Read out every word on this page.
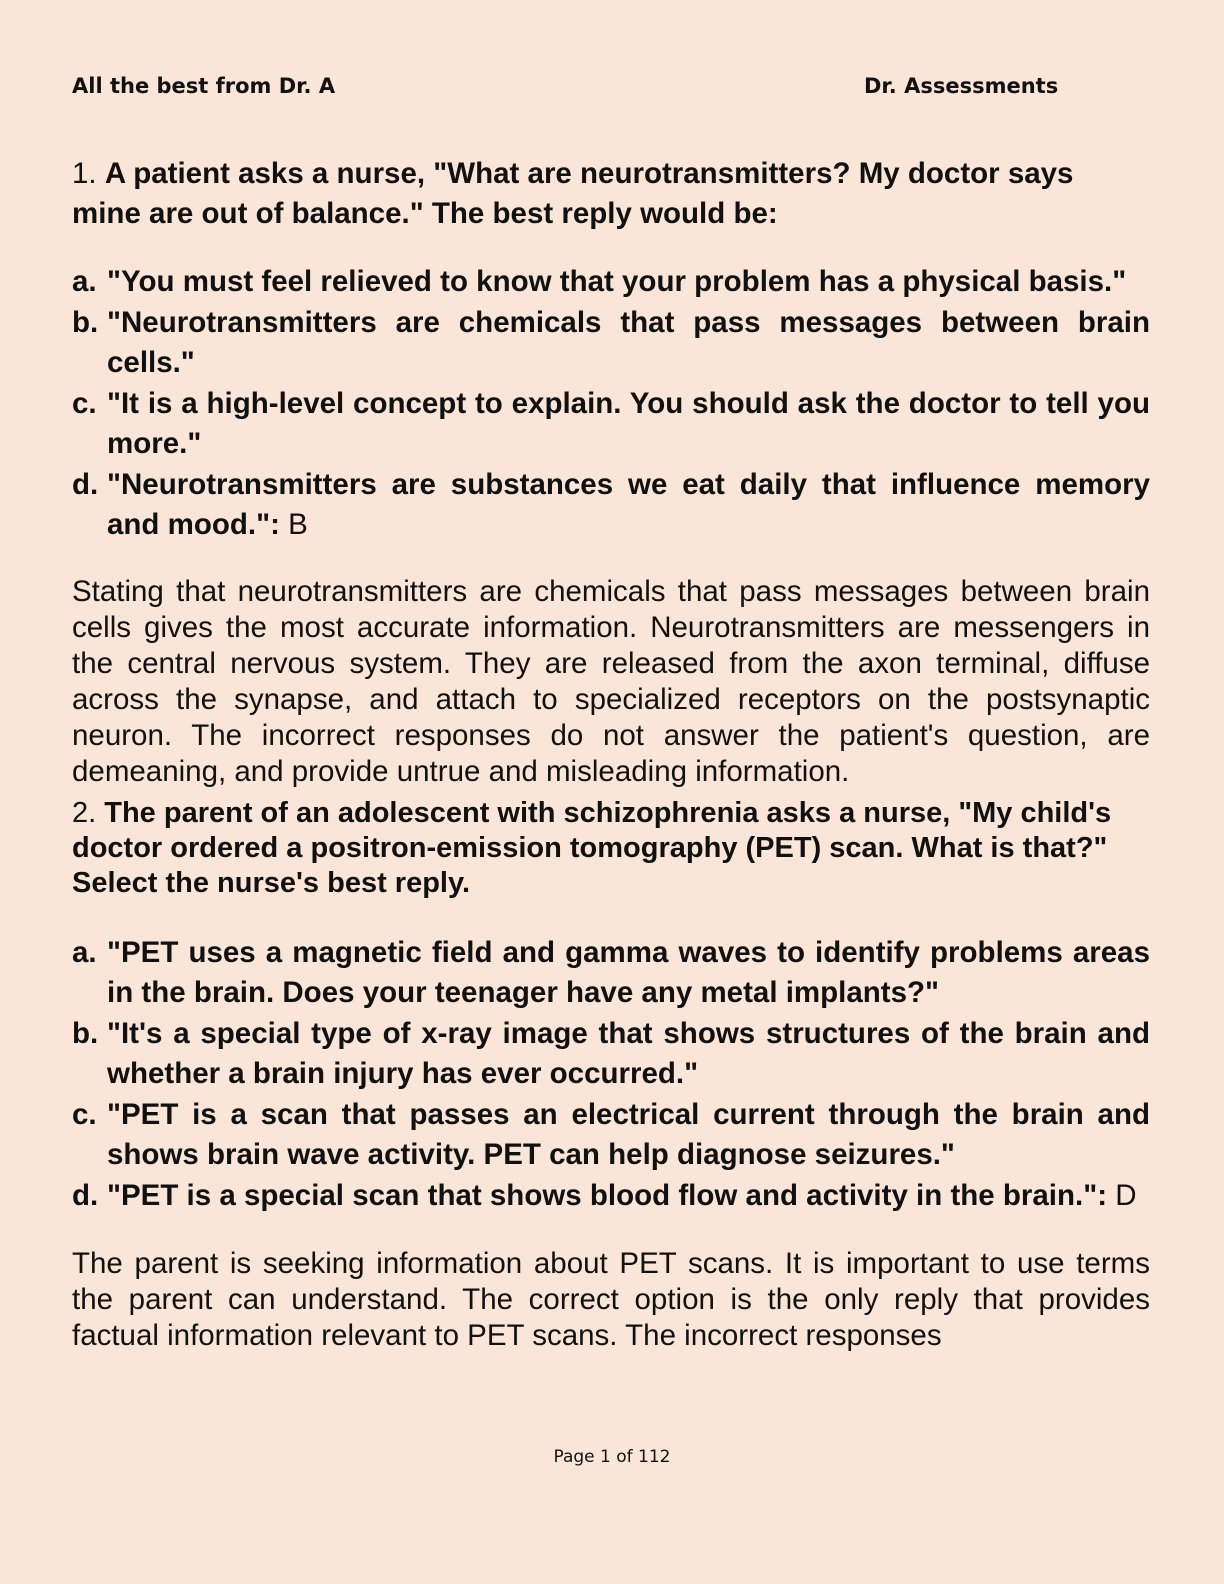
All the best from Dr. A	Dr. Assessments

1. A patient asks a nurse, "What are neurotransmitters? My doctor says mine are out of balance." The best reply would be:

a. "You must feel relieved to know that your problem has a physical basis."
b. "Neurotransmitters are chemicals that pass messages between brain cells."
c. "It is a high-level concept to explain. You should ask the doctor to tell you more."
d. "Neurotransmitters are substances we eat daily that influence memory and mood.": B

Stating that neurotransmitters are chemicals that pass messages between brain cells gives the most accurate information. Neurotransmitters are messengers in the central nervous system. They are released from the axon terminal, diffuse across the synapse, and attach to specialized receptors on the postsynaptic neuron. The incorrect responses do not answer the patient's question, are demeaning, and provide untrue and misleading information.

2. The parent of an adolescent with schizophrenia asks a nurse, "My child's doctor ordered a positron-emission tomography (PET) scan. What is that?" Select the nurse's best reply.

a. "PET uses a magnetic field and gamma waves to identify problems areas in the brain. Does your teenager have any metal implants?"
b. "It's a special type of x-ray image that shows structures of the brain and whether a brain injury has ever occurred."
c. "PET is a scan that passes an electrical current through the brain and shows brain wave activity. PET can help diagnose seizures."
d. "PET is a special scan that shows blood flow and activity in the brain.": D

The parent is seeking information about PET scans. It is important to use terms the parent can understand. The correct option is the only reply that provides factual information relevant to PET scans. The incorrect responses

Page 1 of 112
